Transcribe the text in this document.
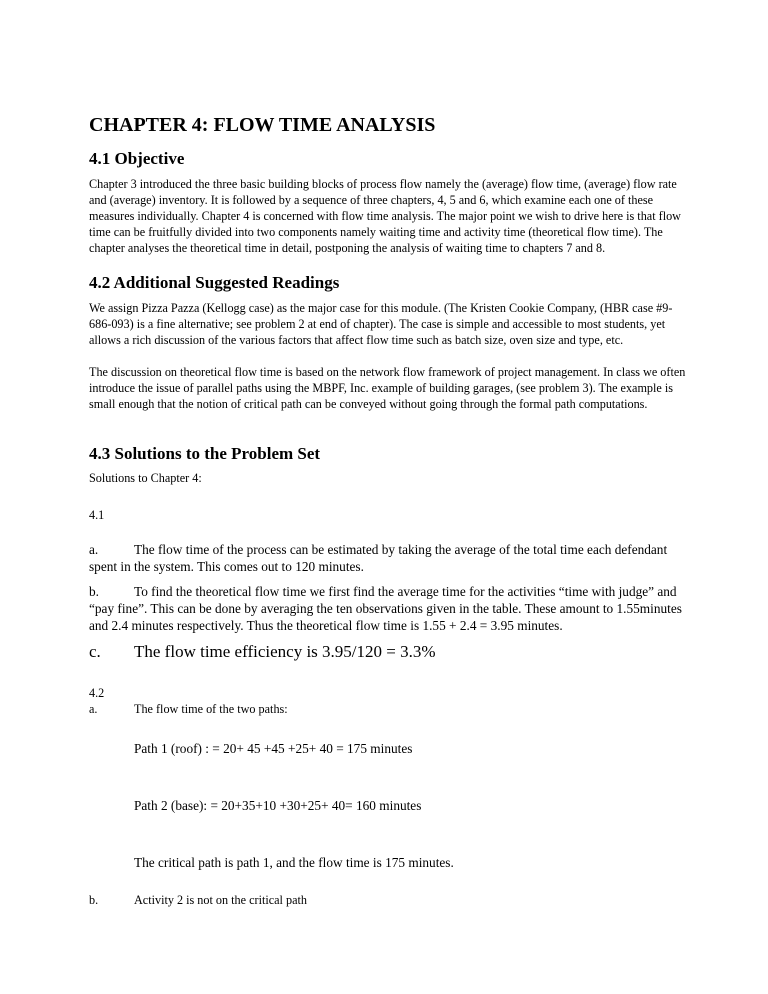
CHAPTER 4: FLOW TIME ANALYSIS
4.1 Objective

Chapter 3 introduced the three basic building blocks of process flow namely the (average) flow time, (average) flow rate and (average) inventory. It is followed by a sequence of three chapters, 4, 5 and 6, which examine each one of these measures individually. Chapter 4 is concerned with flow time analysis. The major point we wish to drive here is that flow time can be fruitfully divided into two components namely waiting time and activity time (theoretical flow time). The chapter analyses the theoretical time in detail, postponing the analysis of waiting time to chapters 7 and 8.

4.2 Additional Suggested Readings

We assign Pizza Pazza (Kellogg case) as the major case for this module. (The Kristen Cookie Company, (HBR case #9-686-093) is a fine alternative; see problem 2 at end of chapter). The case is simple and accessible to most students, yet allows a rich discussion of the various factors that affect flow time such as batch size, oven size and type, etc.

The discussion on theoretical flow time is based on the network flow framework of project management. In class we often introduce the issue of parallel paths using the MBPF, Inc. example of building garages, (see problem 3). The example is small enough that the notion of critical path can be conveyed without going through the formal path computations.

4.3 Solutions to the Problem Set

Solutions to Chapter 4:

4.1

a.	The flow time of the process can be estimated by taking the average of the total time each defendant spent in the system. This comes out to 120 minutes.

b.	To find the theoretical flow time we first find the average time for the activities “time with judge” and “pay fine”. This can be done by averaging the ten observations given in the table. These amount to 1.55minutes and 2.4 minutes respectively. Thus the theoretical flow time is 1.55 + 2.4 = 3.95 minutes.

c. The flow time efficiency is 3.95/120 = 3.3%

4.2

a.	The flow time of the two paths:

Path 1 (roof) : = 20+ 45 +45 +25+ 40 = 175 minutes

Path 2 (base): = 20+35+10 +30+25+ 40= 160 minutes

The critical path is path 1, and the flow time is 175 minutes.

b.	Activity 2 is not on the critical path
